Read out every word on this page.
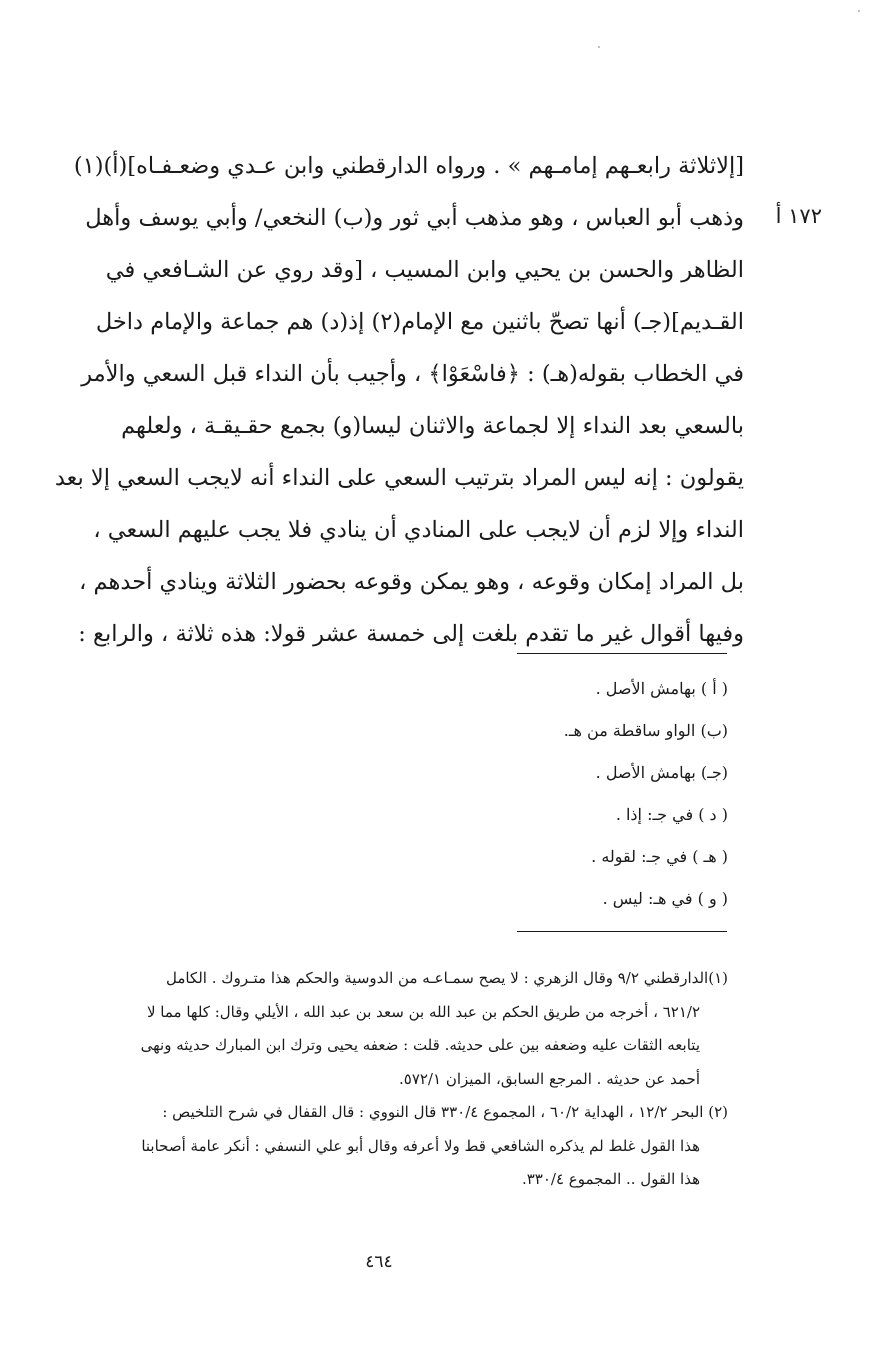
١٧٢ أ
[إلاثلاثة رابعـهم إمامـهم » . ورواه الدارقطني وابن عـدي وضعـفـاه](أ)(١)
وذهب أبو العباس ، وهو مذهب أبي ثور و(ب) النخعي/ وأبي يوسف وأهل
الظاهر والحسن بن يحيي وابن المسيب ، [وقد روي عن الشـافعي في
القـديم](جـ) أنها تصحّ باثنين مع الإمام(٢) إذ(د) هم جماعة والإمام داخل
في الخطاب بقوله(هـ) : ﴿فاسْعَوْا﴾ ، وأجيب بأن النداء قبل السعي والأمر
بالسعي بعد النداء إلا لجماعة والاثنان ليسا(و) بجمع حقـيقـة ، ولعلهم
يقولون : إنه ليس المراد بترتيب السعي على النداء أنه لايجب السعي إلا بعد
النداء وإلا لزم أن لايجب على المنادي أن ينادي فلا يجب عليهم السعي ،
بل المراد إمكان وقوعه ، وهو يمكن وقوعه بحضور الثلاثة وينادي أحدهم ،
وفيها أقوال غير ما تقدم بلغت إلى خمسة عشر قولا: هذه ثلاثة ، والرابع :
( أ ) بهامش الأصل .
(ب) الواو ساقطة من هـ.
(جـ) بهامش الأصل .
( د ) في جـ: إذا .
( هـ ) في جـ: لقوله .
( و ) في هـ: ليس .
(١)الدارقطني ٩/٢ وقال الزهري : لا يصح سمـاعـه من الدوسية والحكم هذا متـروك . الكامل
٦٢١/٢ ، أخرجه من طريق الحكم بن عبد الله بن سعد بن عبد الله ، الأيلي وقال: كلها مما لا
يتابعه الثقات عليه وضعفه بين على حديثه. قلت : ضعفه يحيى وترك ابن المبارك حديثه ونهى
أحمد عن حديثه . المرجع السابق، الميزان ٥٧٢/١.
(٢) البحر ١٢/٢ ، الهداية ٦٠/٢ ، المجموع ٣٣٠/٤ قال النووي : قال القفال في شرح التلخيص :
هذا القول غلط لم يذكره الشافعي قط ولا أعرفه وقال أبو علي النسفي : أنكر عامة أصحابنا
هذا القول .. المجموع ٣٣٠/٤.
٤٦٤
